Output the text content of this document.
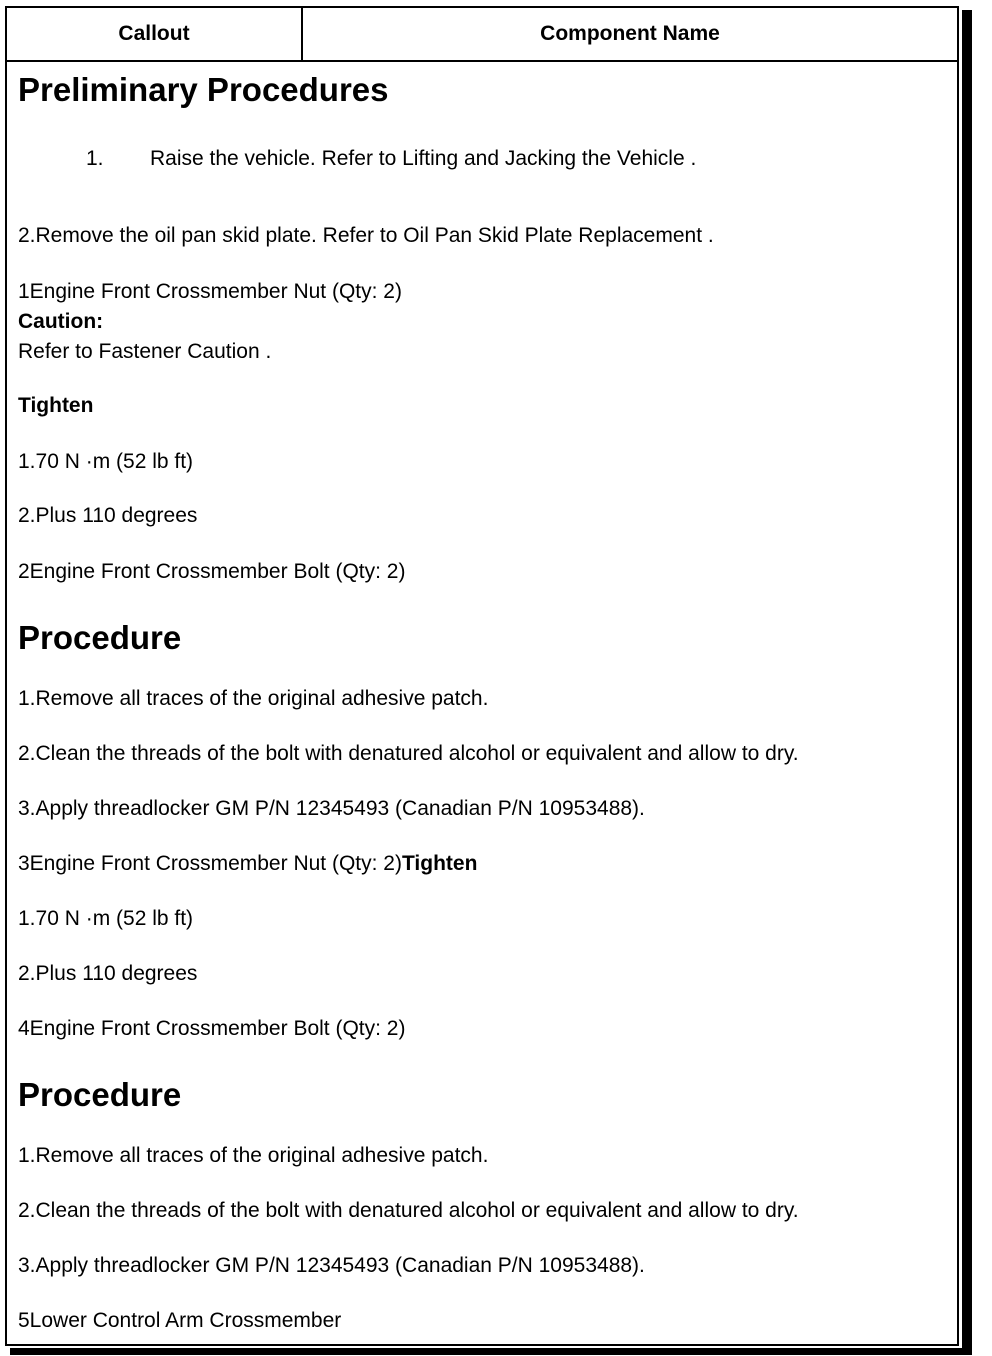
Callout	Component Name
Preliminary Procedures
1. Raise the vehicle. Refer to Lifting and Jacking the Vehicle .
2.Remove the oil pan skid plate. Refer to Oil Pan Skid Plate Replacement .
1Engine Front Crossmember Nut (Qty: 2)
Caution:
Refer to Fastener Caution .
Tighten
1.70 N ·m (52 lb ft)
2.Plus 110 degrees
2Engine Front Crossmember Bolt (Qty: 2)
Procedure
1.Remove all traces of the original adhesive patch.
2.Clean the threads of the bolt with denatured alcohol or equivalent and allow to dry.
3.Apply threadlocker GM P/N 12345493 (Canadian P/N 10953488).
3Engine Front Crossmember Nut (Qty: 2)Tighten
1.70 N ·m (52 lb ft)
2.Plus 110 degrees
4Engine Front Crossmember Bolt (Qty: 2)
Procedure
1.Remove all traces of the original adhesive patch.
2.Clean the threads of the bolt with denatured alcohol or equivalent and allow to dry.
3.Apply threadlocker GM P/N 12345493 (Canadian P/N 10953488).
5Lower Control Arm Crossmember
